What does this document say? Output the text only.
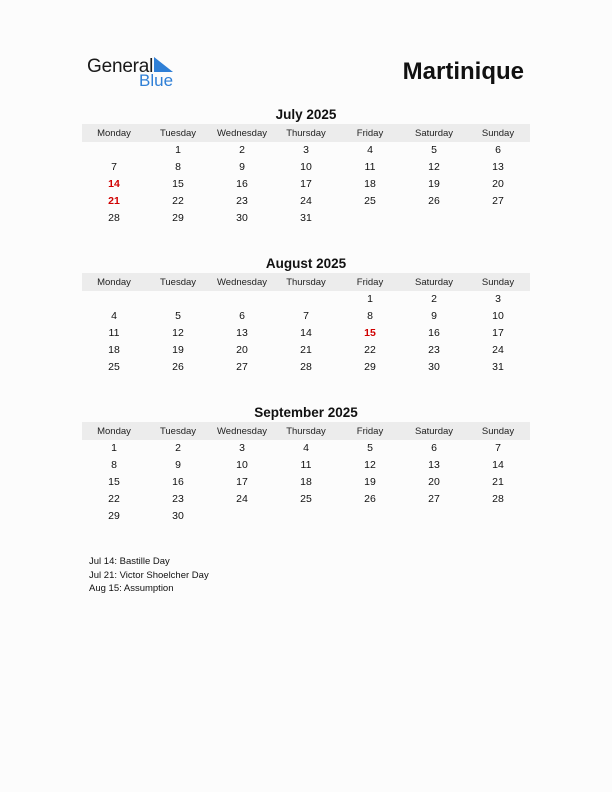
General
Blue	Martinique
July 2025
Monday	Tuesday	Wednesday	Thursday	Friday	Saturday	Sunday
	1	2	3	4	5	6
7	8	9	10	11	12	13
14	15	16	17	18	19	20
21	22	23	24	25	26	27
28	29	30	31			
August 2025
Monday	Tuesday	Wednesday	Thursday	Friday	Saturday	Sunday
				1	2	3
4	5	6	7	8	9	10
11	12	13	14	15	16	17
18	19	20	21	22	23	24
25	26	27	28	29	30	31
September 2025
Monday	Tuesday	Wednesday	Thursday	Friday	Saturday	Sunday
1	2	3	4	5	6	7
8	9	10	11	12	13	14
15	16	17	18	19	20	21
22	23	24	25	26	27	28
29	30					
Jul 14: Bastille Day
Jul 21: Victor Shoelcher Day
Aug 15: Assumption
